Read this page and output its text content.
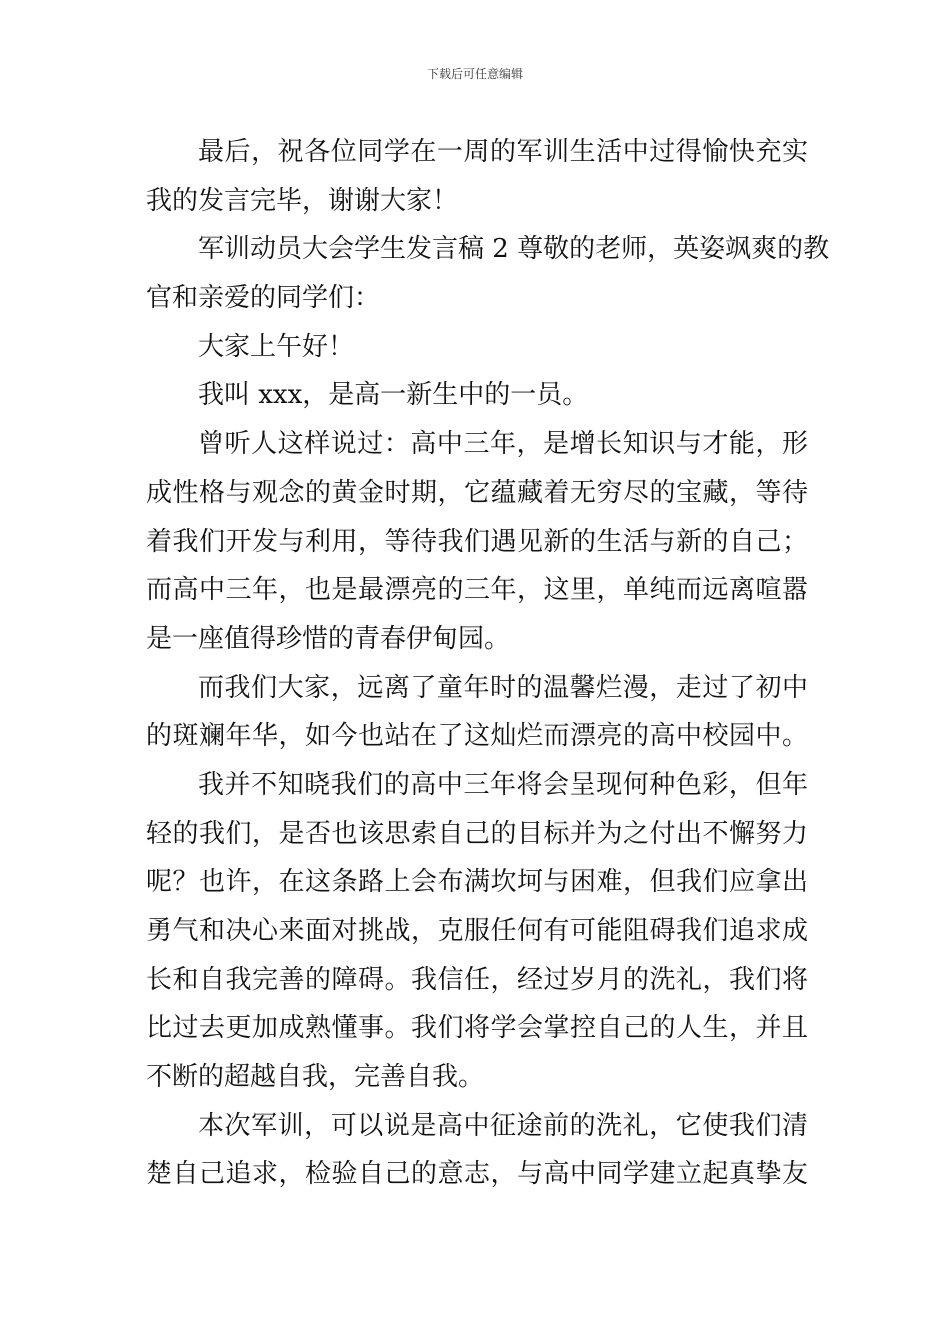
下载后可任意编辑
最后，祝各位同学在一周的军训生活中过得愉快充实
我的发言完毕，谢谢大家！
军训动员大会学生发言稿 2 尊敬的老师，英姿飒爽的教
官和亲爱的同学们：
大家上午好！
我叫 xxx，是高一新生中的一员。
曾听人这样说过：高中三年，是增长知识与才能，形
成性格与观念的黄金时期，它蕴藏着无穷尽的宝藏，等待
着我们开发与利用，等待我们遇见新的生活与新的自己；
而高中三年，也是最漂亮的三年，这里，单纯而远离喧嚣
是一座值得珍惜的青春伊甸园。
而我们大家，远离了童年时的温馨烂漫，走过了初中
的斑斓年华，如今也站在了这灿烂而漂亮的高中校园中。
我并不知晓我们的高中三年将会呈现何种色彩，但年
轻的我们，是否也该思索自己的目标并为之付出不懈努力
呢？也许，在这条路上会布满坎坷与困难，但我们应拿出
勇气和决心来面对挑战，克服任何有可能阻碍我们追求成
长和自我完善的障碍。我信任，经过岁月的洗礼，我们将
比过去更加成熟懂事。我们将学会掌控自己的人生，并且
不断的超越自我，完善自我。
本次军训，可以说是高中征途前的洗礼，它使我们清
楚自己追求，检验自己的意志，与高中同学建立起真挚友
